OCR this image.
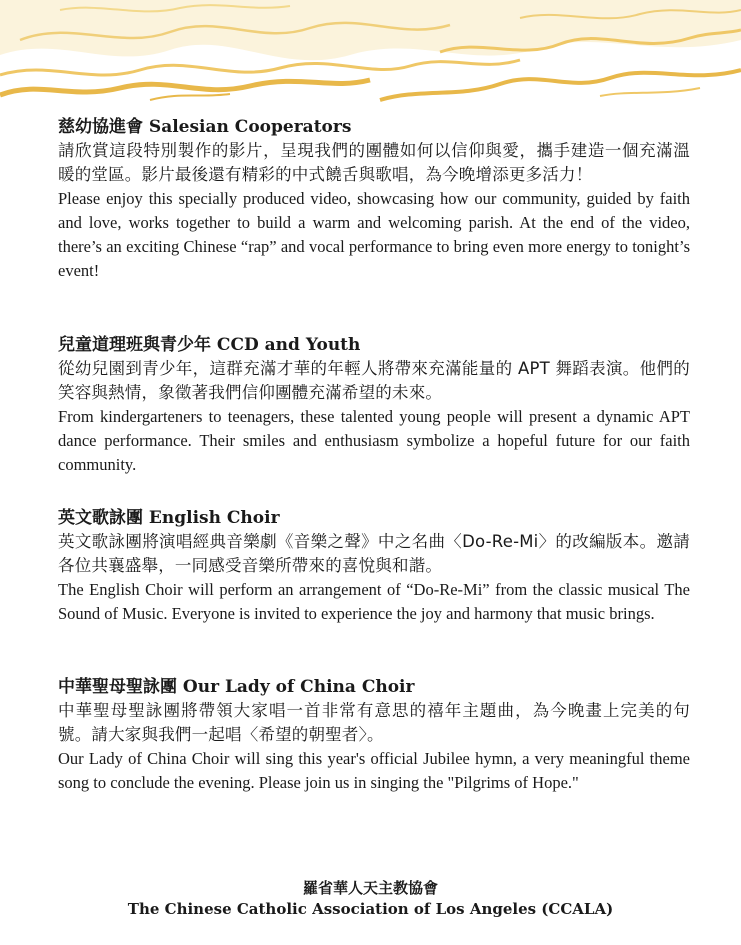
慈幼協進會 Salesian Cooperators

請欣賞這段特別製作的影片，呈現我們的團體如何以信仰與愛，攜手建造一個充滿溫暖的堂區。影片最後還有精彩的中式饒舌與歌唱，為今晚增添更多活力！

Please enjoy this specially produced video, showcasing how our community, guided by faith and love, works together to build a warm and welcoming parish. At the end of the video, there’s an exciting Chinese “rap” and vocal performance to bring even more energy to tonight’s event!

兒童道理班與青少年 CCD and Youth

從幼兒園到青少年，這群充滿才華的年輕人將帶來充滿能量的 APT 舞蹈表演。他們的笑容與熱情，象徵著我們信仰團體充滿希望的未來。

From kindergarteners to teenagers, these talented young people will present a dynamic APT dance performance. Their smiles and enthusiasm symbolize a hopeful future for our faith community.

英文歌詠團 English Choir

英文歌詠團將演唱經典音樂劇《音樂之聲》中之名曲〈Do-Re-Mi〉的改編版本。邀請各位共襄盛舉，一同感受音樂所帶來的喜悅與和諧。

The English Choir will perform an arrangement of “Do-Re-Mi” from the classic musical The Sound of Music. Everyone is invited to experience the joy and harmony that music brings.

中華聖母聖詠團 Our Lady of China Choir

中華聖母聖詠團將帶領大家唱一首非常有意思的禧年主題曲，為今晚畫上完美的句號。請大家與我們一起唱〈希望的朝聖者〉。

Our Lady of China Choir will sing this year's official Jubilee hymn, a very meaningful theme song to conclude the evening. Please join us in singing the "Pilgrims of Hope."

羅省華人天主教協會
The Chinese Catholic Association of Los Angeles (CCALA)
